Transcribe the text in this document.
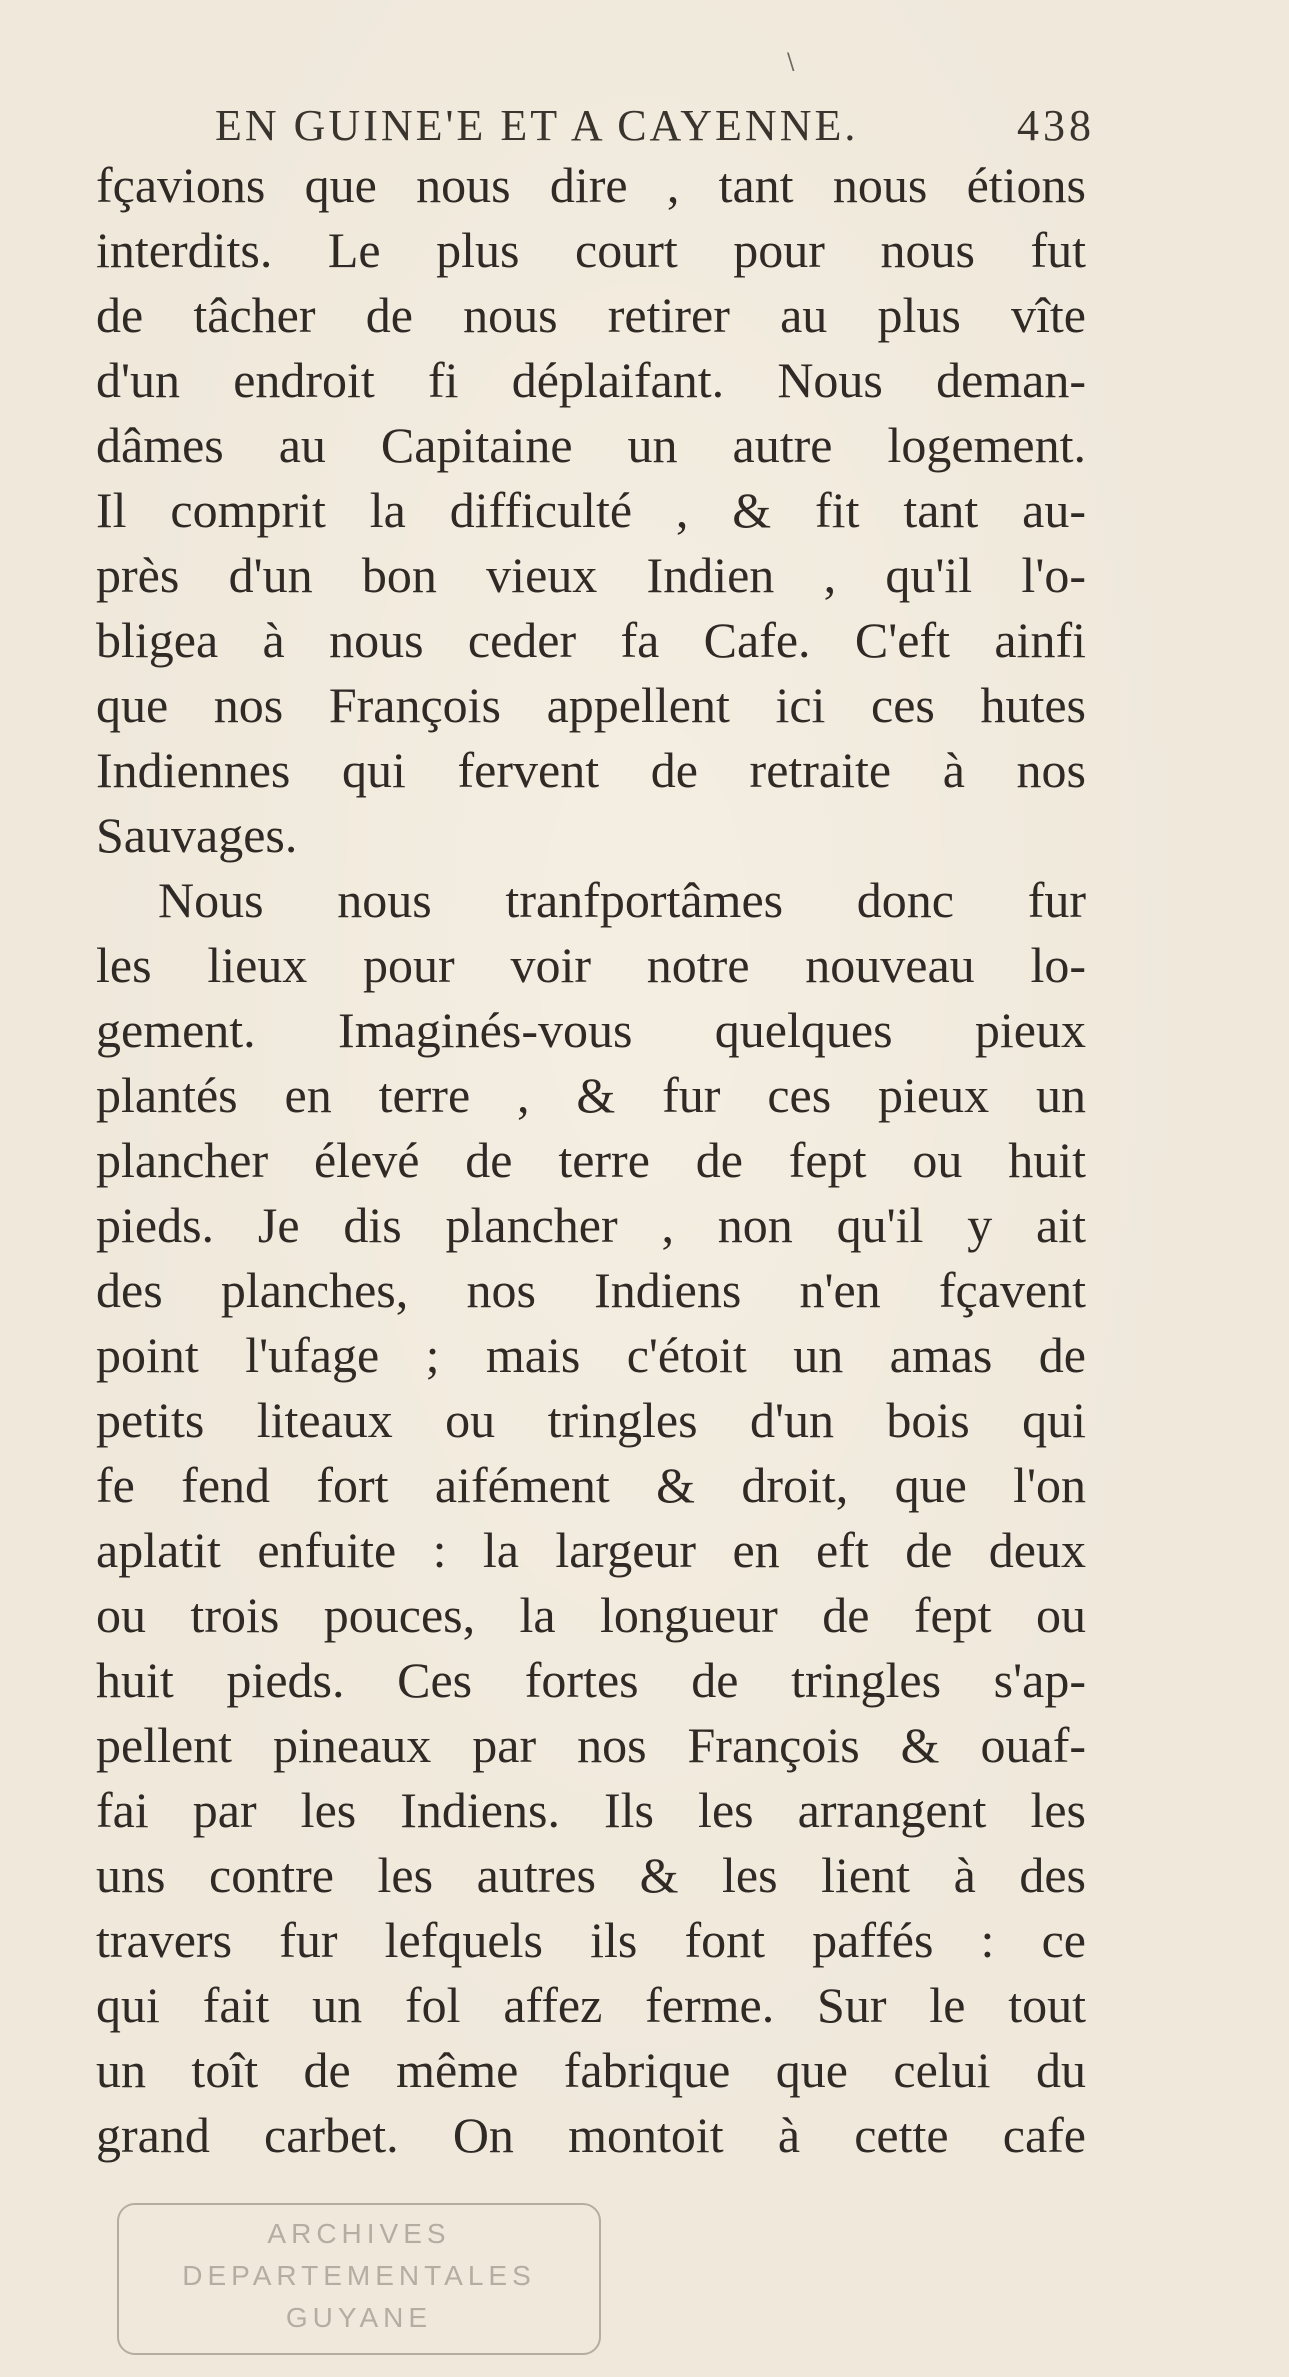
\
EN GUINE'E ET A CAYENNE.	438
fçavions que nous dire , tant nous étions
interdits. Le plus court pour nous fut
de tâcher de nous retirer au plus vîte
d'un endroit fi déplaifant. Nous deman-
dâmes au Capitaine un autre logement.
Il comprit la difficulté , & fit tant au-
près d'un bon vieux Indien , qu'il l'o-
bligea à nous ceder fa Cafe. C'eft ainfi
que nos François appellent ici ces hutes
Indiennes qui fervent de retraite à nos
Sauvages.
Nous nous tranfportâmes donc fur
les lieux pour voir notre nouveau lo-
gement. Imaginés-vous quelques pieux
plantés en terre , & fur ces pieux un
plancher élevé de terre de fept ou huit
pieds. Je dis plancher , non qu'il y ait
des planches, nos Indiens n'en fçavent
point l'ufage ; mais c'étoit un amas de
petits liteaux ou tringles d'un bois qui
fe fend fort aifément & droit, que l'on
aplatit enfuite : la largeur en eft de deux
ou trois pouces, la longueur de fept ou
huit pieds. Ces fortes de tringles s'ap-
pellent pineaux par nos François & ouaf-
fai par les Indiens. Ils les arrangent les
uns contre les autres & les lient à des
travers fur lefquels ils font paffés : ce
qui fait un fol affez ferme. Sur le tout
un toît de même fabrique que celui du
grand carbet. On montoit à cette cafe
ARCHIVES
DEPARTEMENTALES
GUYANE
